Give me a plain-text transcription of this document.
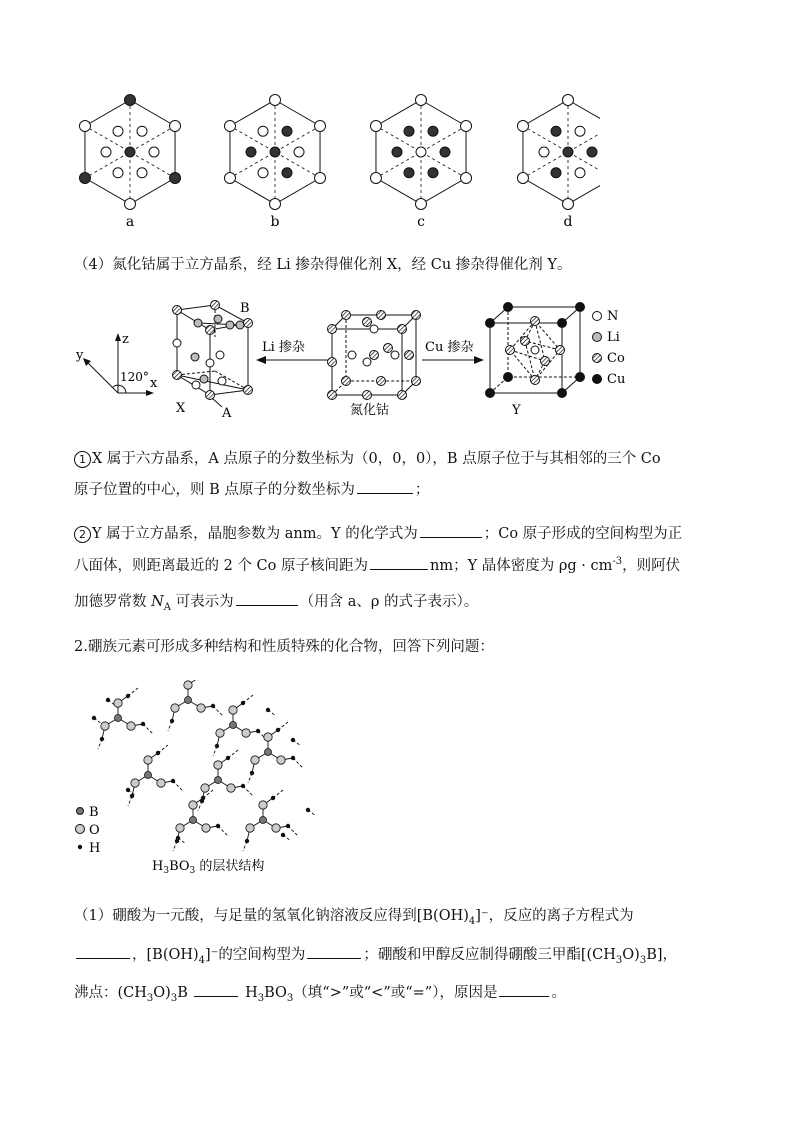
a	b	c	d
（4）氮化钴属于立方晶系，经 Li 掺杂得催化剂 X，经 Cu 掺杂得催化剂 Y。
z
y
x
120°
B
A
X
Li 掺杂
氮化钴
Cu 掺杂
Y
N
Li
Co
Cu
1 X 属于六方晶系，A 点原子的分数坐标为（0，0，0），B 点原子位于与其相邻的三个 Co
原子位置的中心，则 B 点原子的分数坐标为	；
2 Y 属于立方晶系，晶胞参数为 anm。Y 的化学式为	；Co 原子形成的空间构型为正
八面体，则距离最近的 2 个 Co 原子核间距为	nm；Y 晶体密度为 $\rho g \cdot cm^{-3}$，则阿伏
加德罗常数 $N_A$ 可表示为	（用含 a、ρ 的式子表示）。
2.硼族元素可形成多种结构和性质特殊的化合物，回答下列问题：
B
O
H
$H_3BO_3$ 的层状结构
（1）硼酸为一元酸，与足量的氢氧化钠溶液反应得到$[B(OH)_4]^-$，反应的离子方程式为
，$[B(OH)_4]^-$的空间构型为	；硼酸和甲醇反应制得硼酸三甲酯$[(CH_3O)_3B]$，
沸点：$(CH_3O)_3B$	$H_3BO_3$（填“>”或“<”或“=”），原因是	。
